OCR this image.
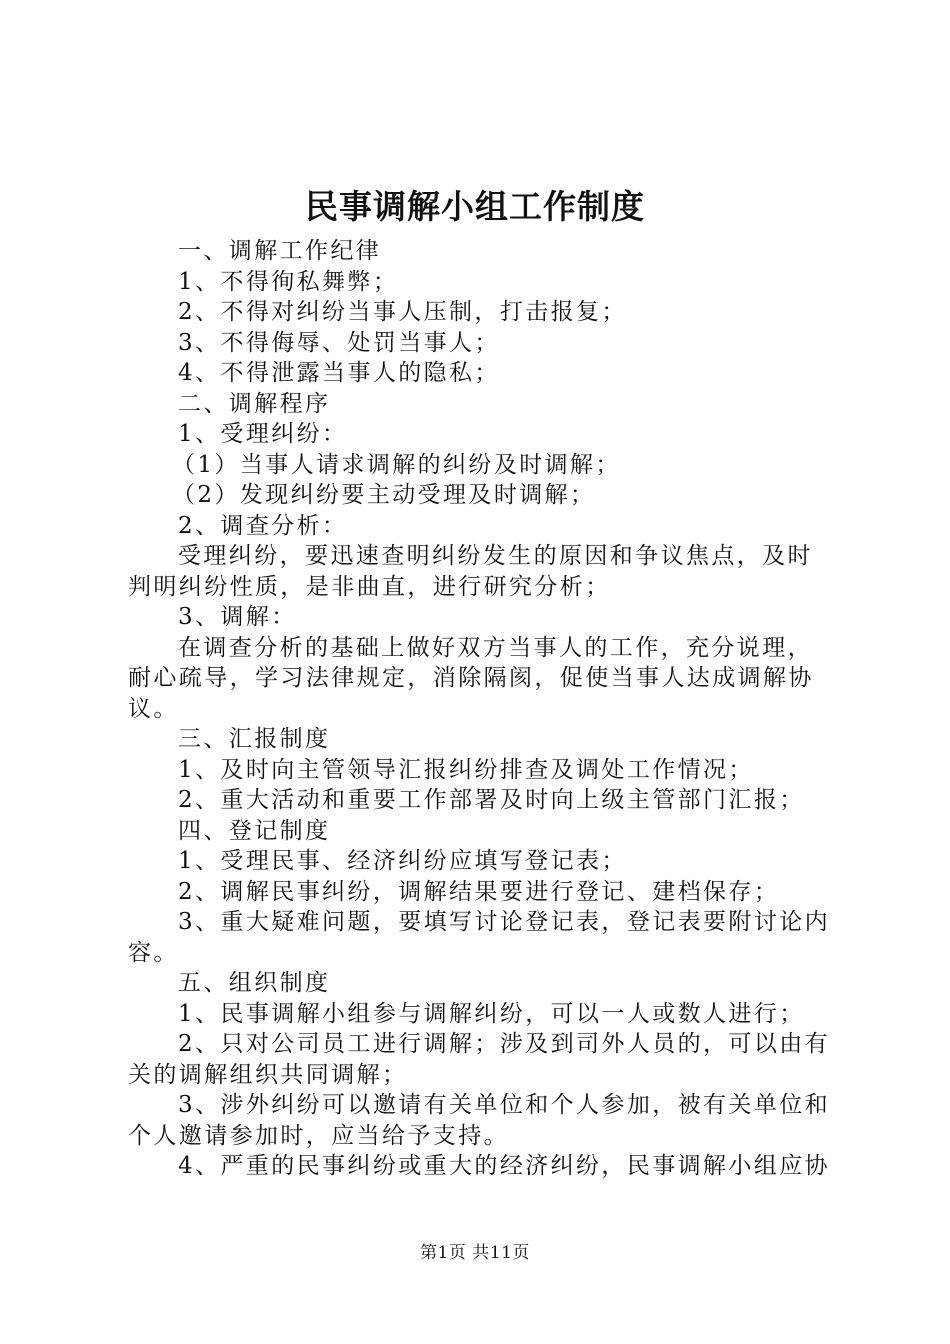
民事调解小组工作制度

一、调解工作纪律

1、不得徇私舞弊；

2、不得对纠纷当事人压制，打击报复；

3、不得侮辱、处罚当事人；

4、不得泄露当事人的隐私；

二、调解程序

1、受理纠纷：

（1）当事人请求调解的纠纷及时调解；

（2）发现纠纷要主动受理及时调解；

2、调查分析：

受理纠纷，要迅速查明纠纷发生的原因和争议焦点，及时判明纠纷性质，是非曲直，进行研究分析；

3、调解：

在调查分析的基础上做好双方当事人的工作，充分说理，耐心疏导，学习法律规定，消除隔阂，促使当事人达成调解协议。

三、汇报制度

1、及时向主管领导汇报纠纷排查及调处工作情况；

2、重大活动和重要工作部署及时向上级主管部门汇报；

四、登记制度

1、受理民事、经济纠纷应填写登记表；

2、调解民事纠纷，调解结果要进行登记、建档保存；

3、重大疑难问题，要填写讨论登记表，登记表要附讨论内容。

五、组织制度

1、民事调解小组参与调解纠纷，可以一人或数人进行；

2、只对公司员工进行调解；涉及到司外人员的，可以由有关的调解组织共同调解；

3、涉外纠纷可以邀请有关单位和个人参加，被有关单位和个人邀请参加时，应当给予支持。

4、严重的民事纠纷或重大的经济纠纷，民事调解小组应协

第1页 共11页
